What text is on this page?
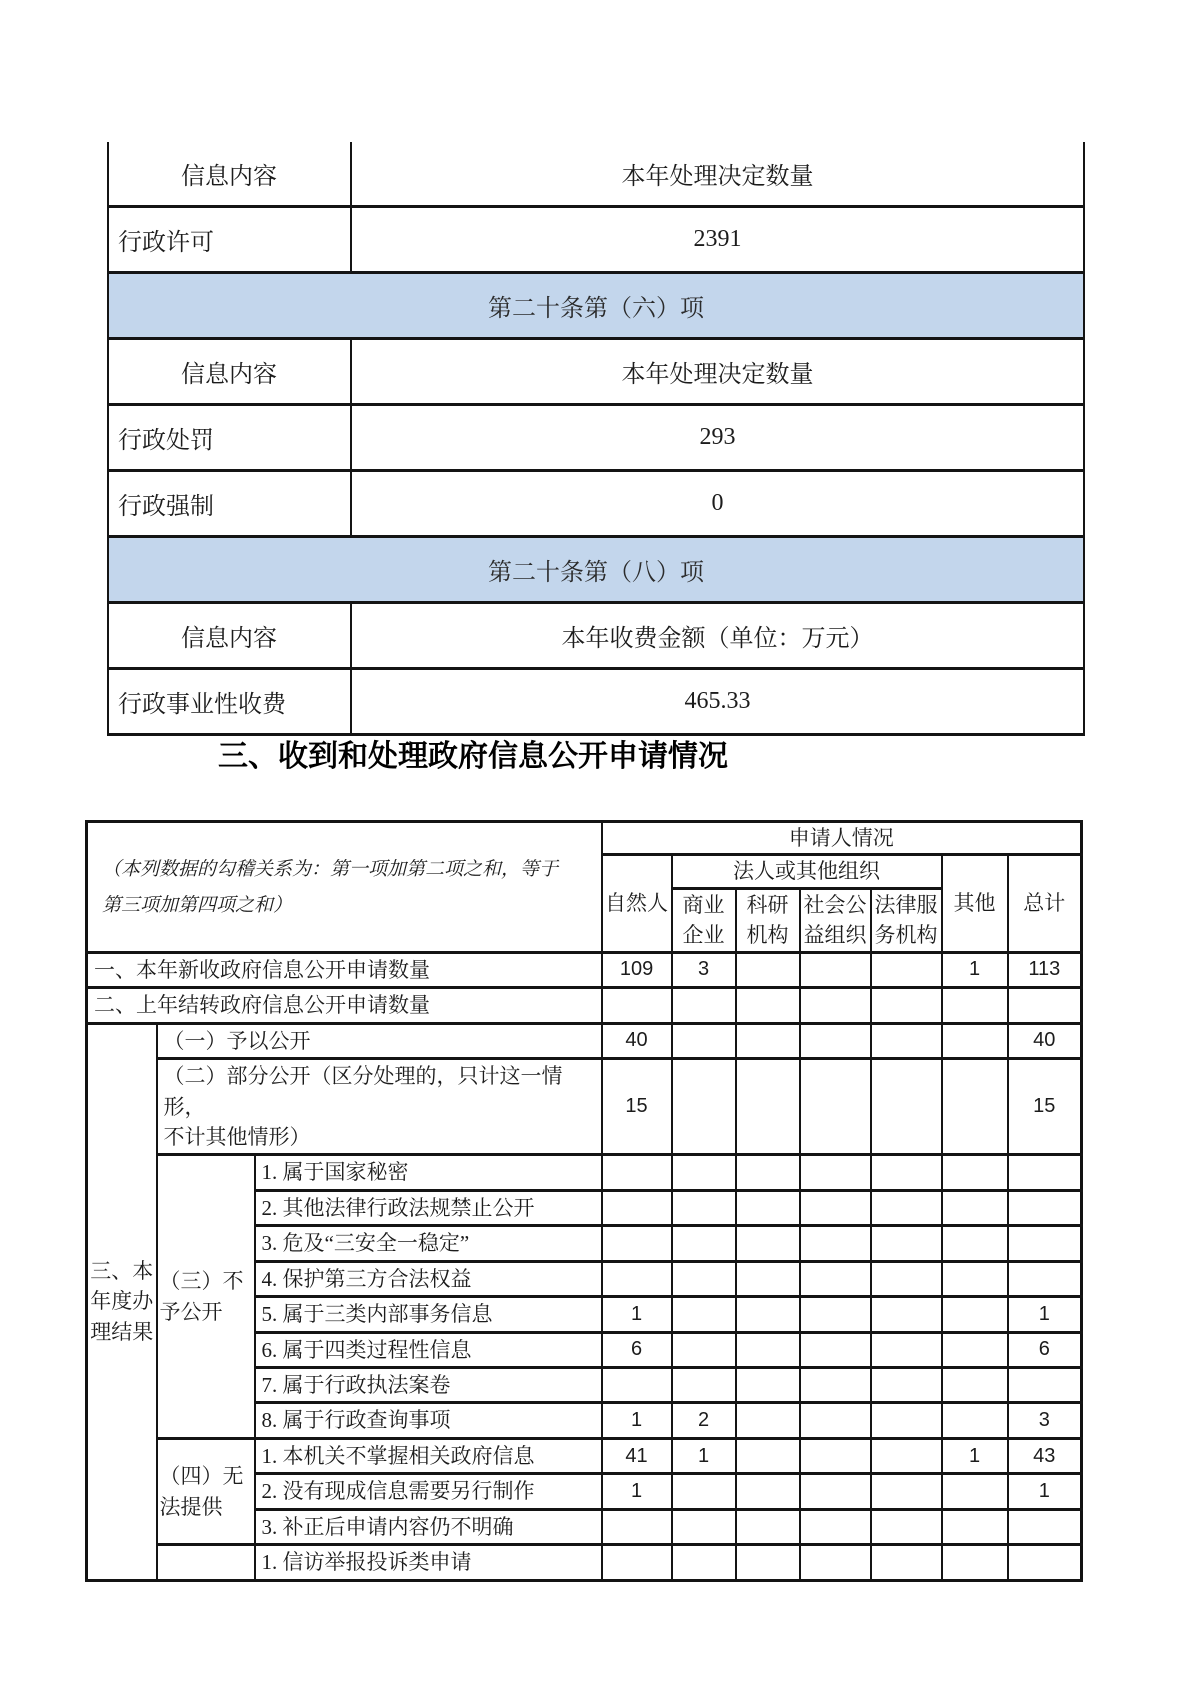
信息内容	本年处理决定数量
行政许可	2391
第二十条第（六）项	
信息内容	本年处理决定数量
行政处罚	293
行政强制	0
第二十条第（八）项	
信息内容	本年收费金额（单位：万元）
行政事业性收费	465.33
三、收到和处理政府信息公开申请情况
（本列数据的勾稽关系为：第一项加第二项之和，等于
第三项加第四项之和）			申请人情况						
			自然人	法人或其他组织				其他	总计
				商业企业	科研机构	社会公益组织	法律服务机构		
一、本年新收政府信息公开申请数量			109	3				1	113
二、上年结转政府信息公开申请数量									
三、本年度办理结果	（一）予以公开		40						40

	（二）部分公开（区分处理的，只计这一情形，
不计其他情形）		15						15
	（三）不予公开	1. 属于国家秘密							
		2. 其他法律行政法规禁止公开							
		3. 危及“三安全一稳定”							
		4. 保护第三方合法权益							
		5. 属于三类内部事务信息	1						1
		6. 属于四类过程性信息	6						6
		7. 属于行政执法案卷							
		8. 属于行政查询事项	1	2					3
	（四）无法提供	1. 本机关不掌握相关政府信息	41	1				1	43
		2. 没有现成信息需要另行制作	1						1
		3. 补正后申请内容仍不明确							
		1. 信访举报投诉类申请							
